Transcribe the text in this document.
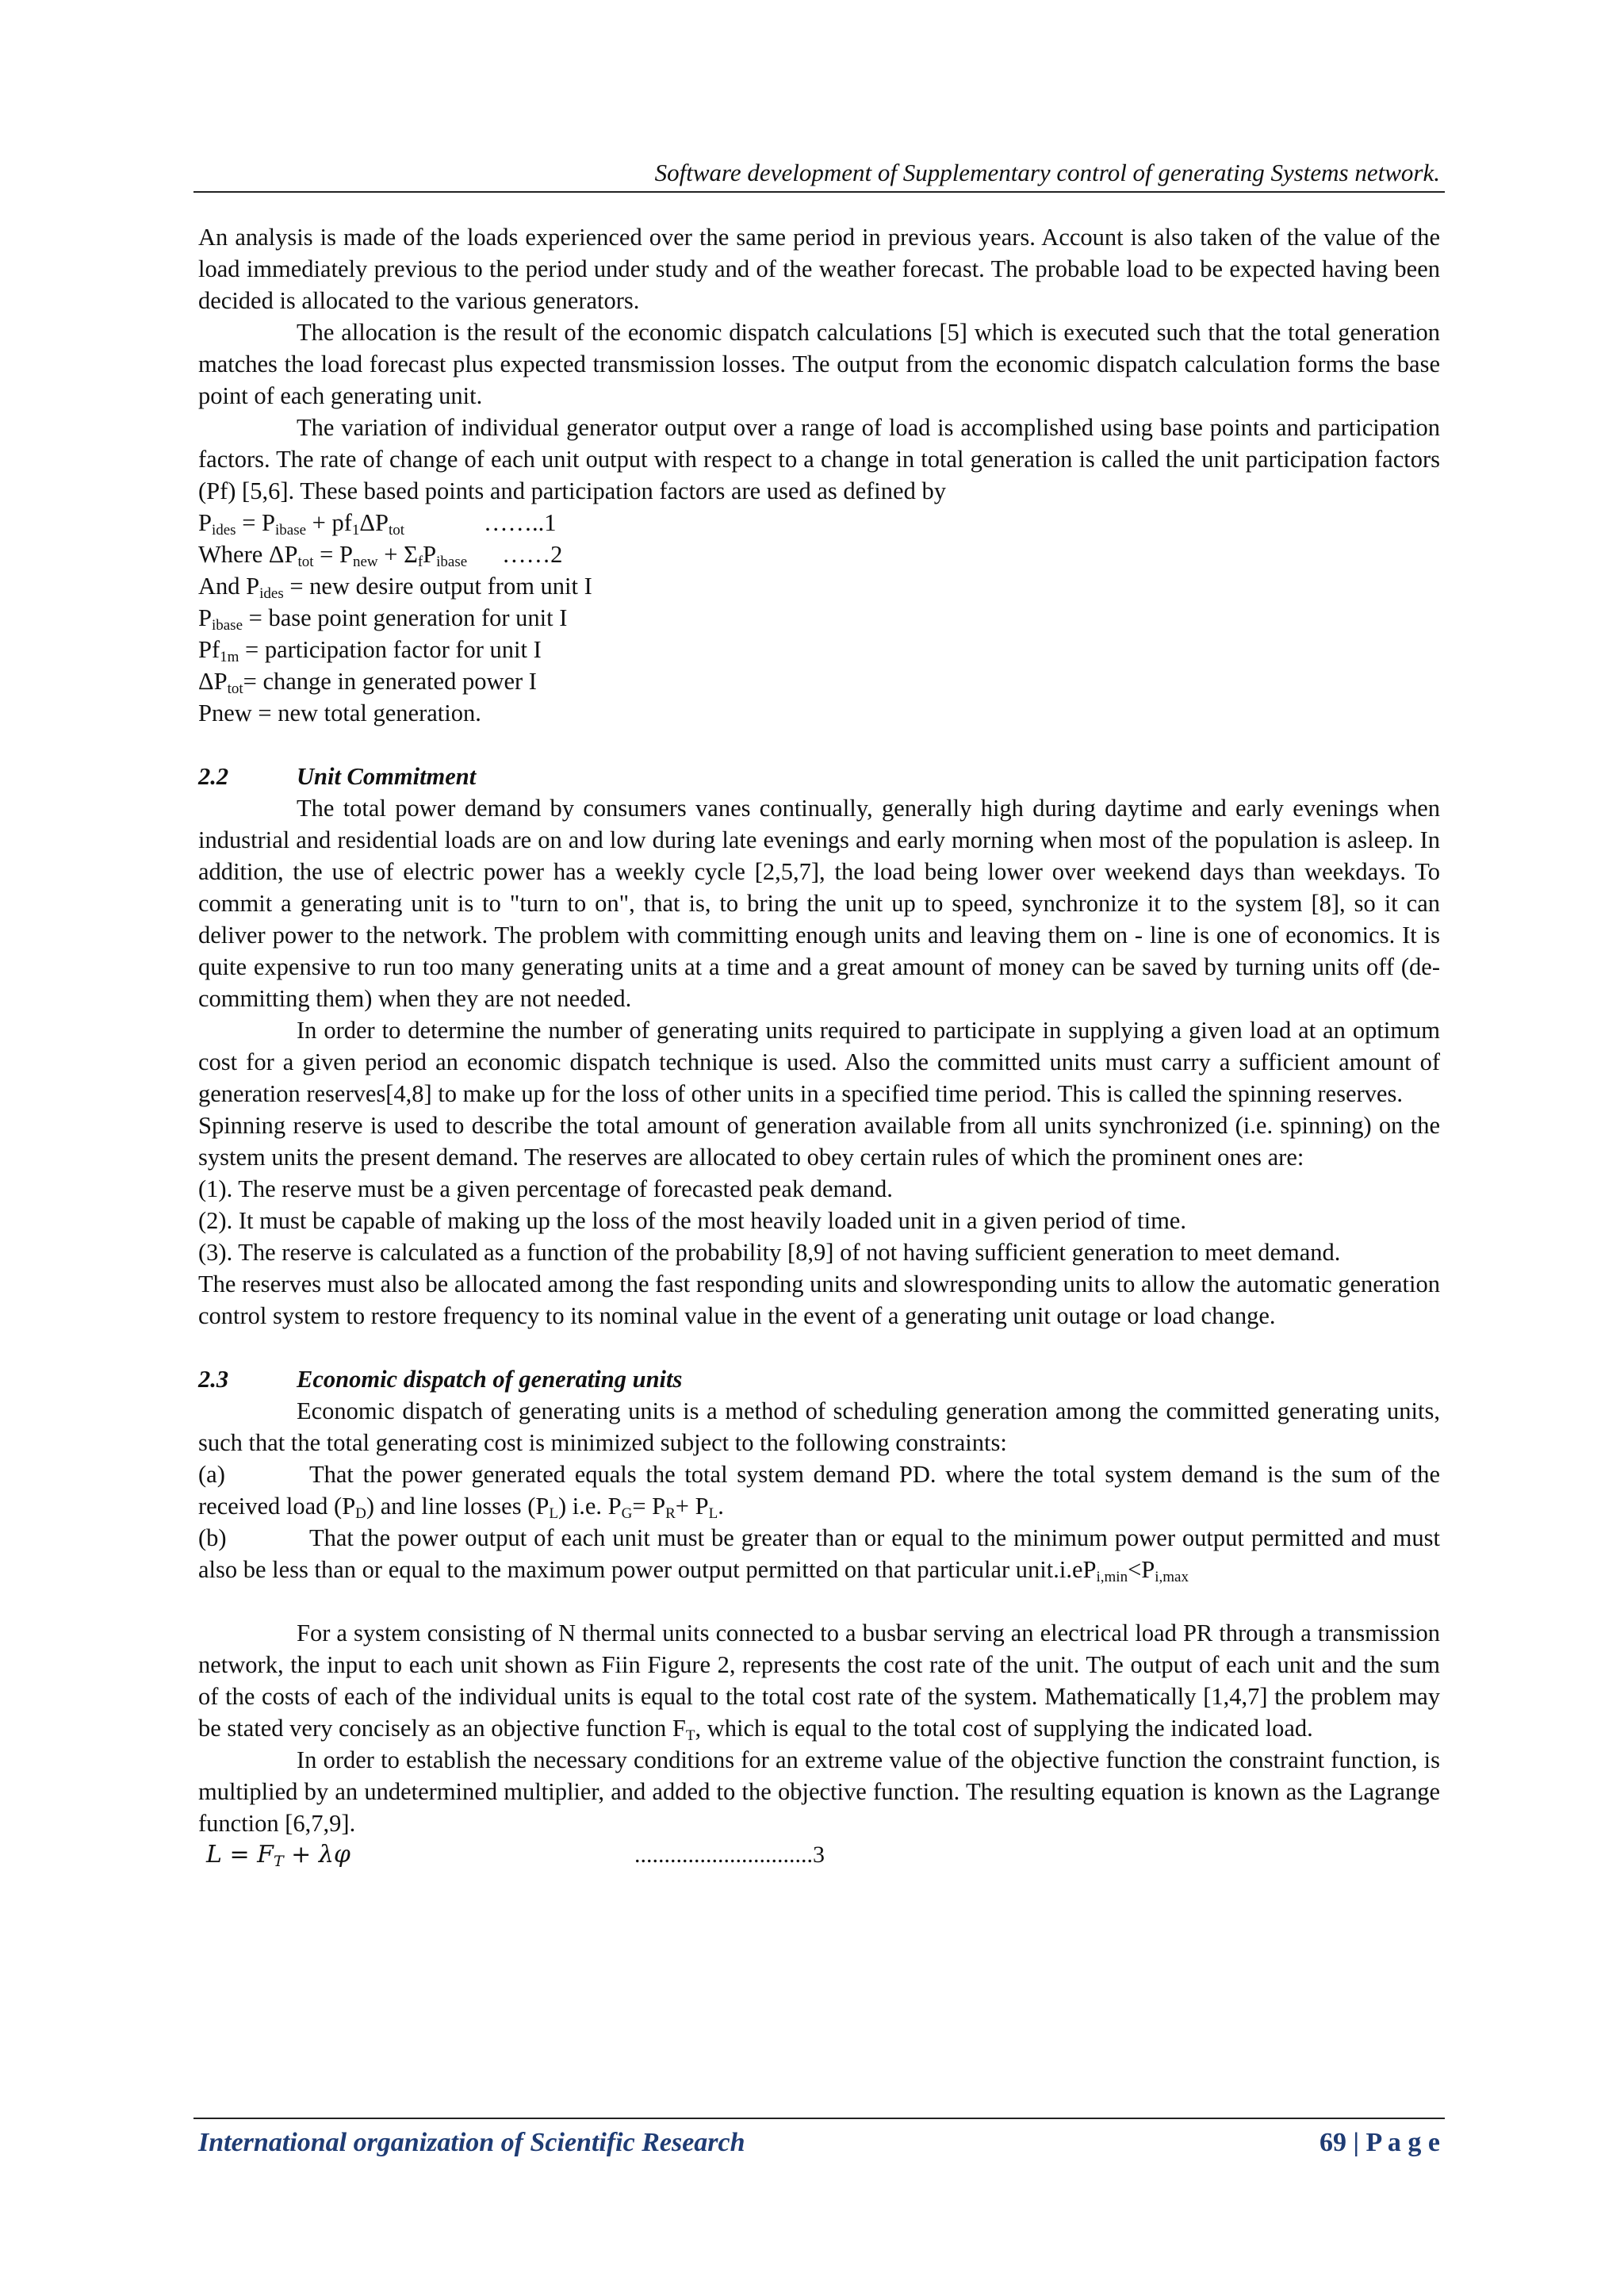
Software development of Supplementary control of generating Systems network.

An analysis is made of the loads experienced over the same period in previous years. Account is also taken of the value of the load immediately previous to the period under study and of the weather forecast. The probable load to be expected having been decided is allocated to the various generators.

The allocation is the result of the economic dispatch calculations [5] which is executed such that the total generation matches the load forecast plus expected transmission losses. The output from the economic dispatch calculation forms the base point of each generating unit.

The variation of individual generator output over a range of load is accomplished using base points and participation factors. The rate of change of each unit output with respect to a change in total generation is called the unit participation factors (Pf) [5,6]. These based points and participation factors are used as defined by

$P_{ides} = P_{ibase} + pf_1\Delta P_{tot}$	……..1
Where $\Delta P_{tot} = P_{new} + \Sigma_fP_{ibase}$ ……2
And $P_{ides}$ = new desire output from unit I
$P_{ibase}$ = base point generation for unit I
$Pf_{1m}$ = participation factor for unit I
$\Delta P_{tot}=$ change in generated power I
Pnew = new total generation.
2.2	Unit Commitment

The total power demand by consumers vanes continually, generally high during daytime and early evenings when industrial and residential loads are on and low during late evenings and early morning when most of the population is asleep. In addition, the use of electric power has a weekly cycle [2,5,7], the load being lower over weekend days than weekdays. To commit a generating unit is to "turn to on", that is, to bring the unit up to speed, synchronize it to the system [8], so it can deliver power to the network. The problem with committing enough units and leaving them on - line is one of economics. It is quite expensive to run too many generating units at a time and a great amount of money can be saved by turning units off (de-committing them) when they are not needed.

In order to determine the number of generating units required to participate in supplying a given load at an optimum cost for a given period an economic dispatch technique is used. Also the committed units must carry a sufficient amount of generation reserves[4,8] to make up for the loss of other units in a specified time period. This is called the spinning reserves.

Spinning reserve is used to describe the total amount of generation available from all units synchronized (i.e. spinning) on the system units the present demand. The reserves are allocated to obey certain rules of which the prominent ones are:

(1). The reserve must be a given percentage of forecasted peak demand.

(2). It must be capable of making up the loss of the most heavily loaded unit in a given period of time.

(3). The reserve is calculated as a function of the probability [8,9] of not having sufficient generation to meet demand.

The reserves must also be allocated among the fast responding units and slowresponding units to allow the automatic generation control system to restore frequency to its nominal value in the event of a generating unit outage or load change.

2.3	Economic dispatch of generating units

Economic dispatch of generating units is a method of scheduling generation among the committed generating units, such that the total generating cost is minimized subject to the following constraints:

(a)	That the power generated equals the total system demand PD. where the total system demand is the sum of the received load $(P_D)$ and line losses $(P_L)$ i.e. $P_G= P_R+ P_L$.

(b)	That the power output of each unit must be greater than or equal to the minimum power output permitted and must also be less than or equal to the maximum power output permitted on that particular $unit.i.eP_{i,min}<P_{i,max}$

For a system consisting of N thermal units connected to a busbar serving an electrical load PR through a transmission network, the input to each unit shown as Fiin Figure 2, represents the cost rate of the unit. The output of each unit and the sum of the costs of each of the individual units is equal to the total cost rate of the system. Mathematically [1,4,7] the problem may be stated very concisely as an objective function $F_T$, which is equal to the total cost of supplying the indicated load.

In order to establish the necessary conditions for an extreme value of the objective function the constraint function, is multiplied by an undetermined multiplier, and added to the objective function. The resulting equation is known as the Lagrange function [6,7,9].

$L = F_T + \lambda\varphi$	..............................3
International organization of Scientific Research	69 | P a g e
